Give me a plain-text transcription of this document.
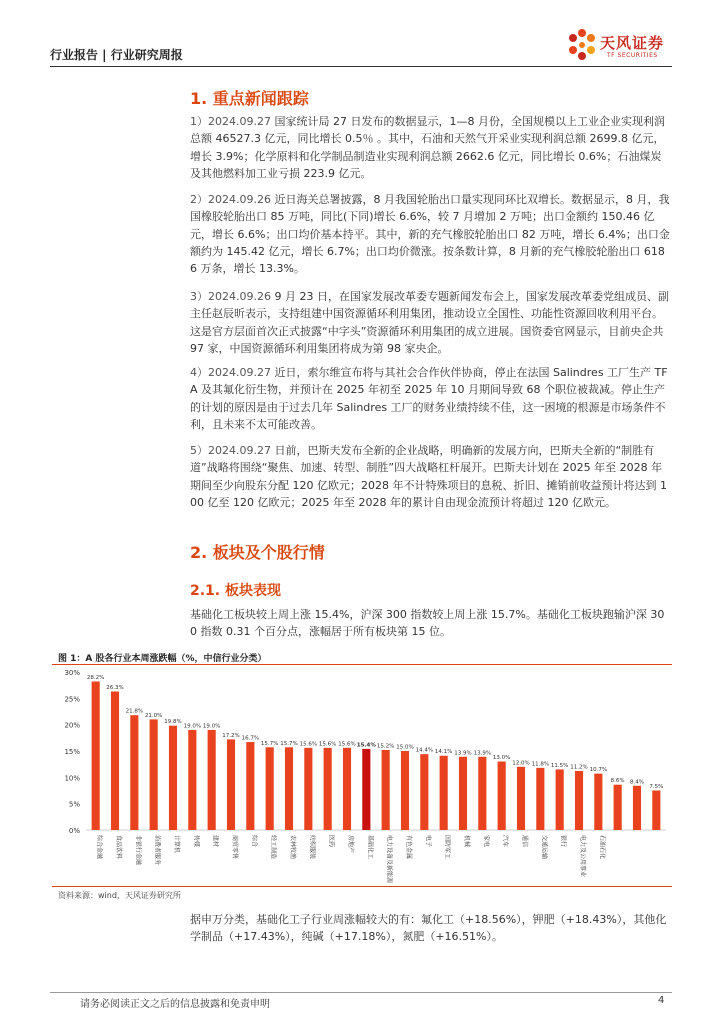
行业报告 | 行业研究周报
天风证券
TF SECURITIES
1. 重点新闻跟踪

1）2024.09.27 国家统计局 27 日发布的数据显示，1—8 月份，全国规模以上工业企业实现利润总额 46527.3 亿元，同比增长 0.5％ 。其中，石油和天然气开采业实现利润总额 2699.8 亿元，增长 3.9%；化学原料和化学制品制造业实现利润总额 2662.6 亿元，同比增长 0.6%；石油煤炭及其他燃料加工业亏损 223.9 亿元。

2）2024.09.26 近日海关总署披露，8 月我国轮胎出口量实现同环比双增长。数据显示，8 月，我国橡胶轮胎出口 85 万吨，同比(下同)增长 6.6%，较 7 月增加 2 万吨；出口金额约 150.46 亿元，增长 6.6%；出口均价基本持平。其中，新的充气橡胶轮胎出口 82 万吨，增长 6.4%；出口金额约为 145.42 亿元，增长 6.7%；出口均价微涨。按条数计算，8 月新的充气橡胶轮胎出口 6186 万条，增长 13.3%。

3）2024.09.26 9 月 23 日，在国家发展改革委专题新闻发布会上，国家发展改革委党组成员、副主任赵辰昕表示，支持组建中国资源循环利用集团，推动设立全国性、功能性资源回收利用平台。这是官方层面首次正式披露“中字头”资源循环利用集团的成立进展。国资委官网显示，目前央企共 97 家，中国资源循环利用集团将成为第 98 家央企。

4）2024.09.27 近日，索尔维宣布将与其社会合作伙伴协商，停止在法国 Salindres 工厂生产 TFA 及其氟化衍生物，并预计在 2025 年初至 2025 年 10 月期间导致 68 个职位被裁减。停止生产的计划的原因是由于过去几年 Salindres 工厂的财务业绩持续不佳，这一困境的根源是市场条件不利，且未来不太可能改善。

5）2024.09.27 日前，巴斯夫发布全新的企业战略，明确新的发展方向，巴斯夫全新的“制胜有道”战略将围绕“聚焦、加速、转型、制胜”四大战略杠杆展开。巴斯夫计划在 2025 年至 2028 年期间至少向股东分配 120 亿欧元；2028 年不计特殊项目的息税、折旧、摊销前收益预计将达到 100 亿至 120 亿欧元；2025 年至 2028 年的累计自由现金流预计将超过 120 亿欧元。

2. 板块及个股行情
2.1. 板块表现

基础化工板块较上周上涨 15.4%，沪深 300 指数较上周上涨 15.7%。基础化工板块跑输沪深 300 指数 0.31 个百分点，涨幅居于所有板块第 15 位。

图 1：A 股各行业本周涨跌幅（%，中信行业分类）
0%
5%
10%
15%
20%
25%
30%
28.2%
综合金融
26.3%
食品饮料
21.8%
非银行金融
21.0%
消费者服务
19.8%
计算机
19.0%
传媒
19.0%
建材
17.2%
商贸零售
16.7%
综合
15.7%
轻工制造
15.7%
农林牧渔
15.6%
纺织服装
15.6%
医药
15.6%
房地产
15.4%
基础化工
15.2%
电力设备及新能源
15.0%
有色金属
14.4%
电子
14.1%
国防军工
13.9%
机械
13.9%
家电
13.0%
汽车
12.0%
通信
11.8% 11.5%
银行
11.2% 10.7%
8.6% 8.4%
7.5%
交通运输	电力及公用事业 石油石化
资料来源：wind，天风证券研究所

据申万分类，基础化工子行业周涨幅较大的有：氟化工（+18.56%），钾肥（+18.43%），其他化学制品（+17.43%），纯碱（+17.18%），氮肥（+16.51%）。

请务必阅读正文之后的信息披露和免责申明	4
